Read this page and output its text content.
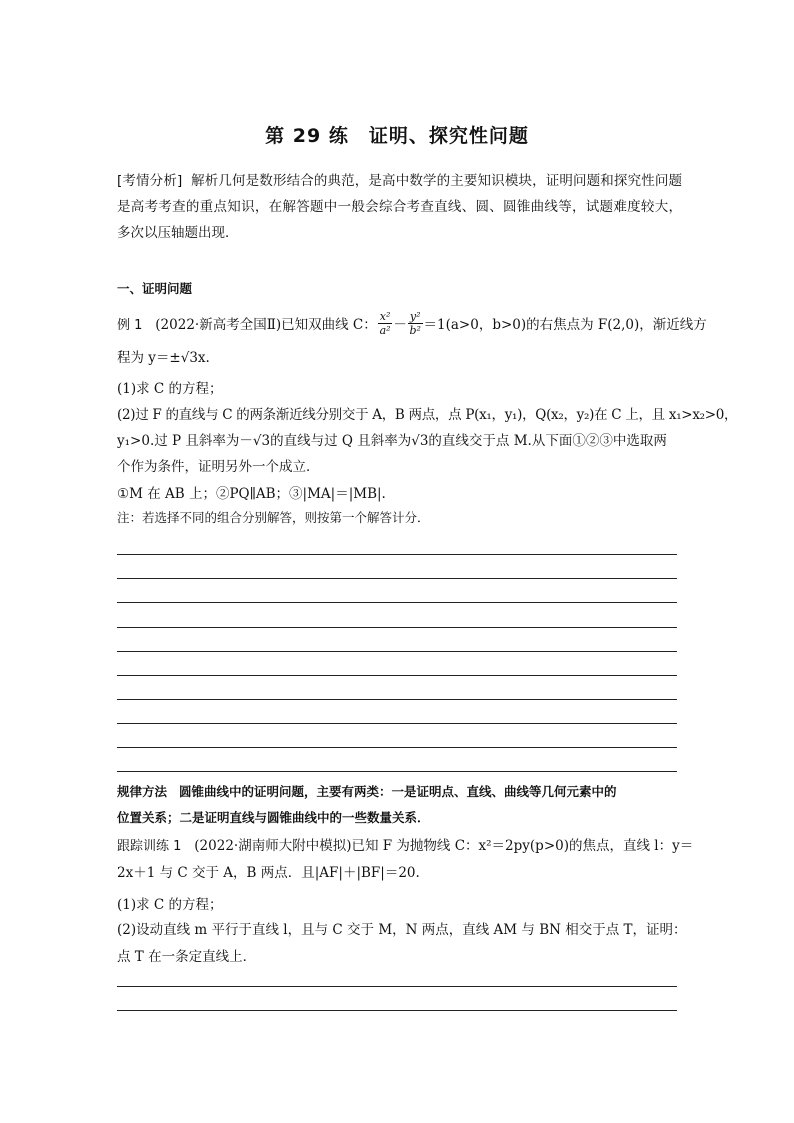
第 29 练　证明、探究性问题
[考情分析] 解析几何是数形结合的典范，是高中数学的主要知识模块，证明问题和探究性问题是高考考查的重点知识，在解答题中一般会综合考查直线、圆、圆锥曲线等，试题难度较大，多次以压轴题出现．
一、证明问题
例 1 (2022·新高考全国Ⅱ)已知双曲线 C： $\frac{\text{x²}}{\text{a²}} - \frac{\text{y²}}{\text{b²}} =1(a>0$，b>0)的右焦点为 F(2,0)，渐近线方
程为 y＝±√3x.
(1)求 C 的方程；
(2)过 F 的直线与 C 的两条渐近线分别交于 A，B 两点，点 P(x₁，y₁)，Q(x₂，y₂)在 C 上，且 x₁>x₂>0，
y₁>0.过 P 且斜率为－√3的直线与过 Q 且斜率为√3的直线交于点 M.从下面①②③中选取两
个作为条件，证明另外一个成立．
①M 在 AB 上；②PQ∥AB；③|MA|＝|MB|.
注：若选择不同的组合分别解答，则按第一个解答计分．
规律方法 圆锥曲线中的证明问题，主要有两类：一是证明点、直线、曲线等几何元素中的
位置关系；二是证明直线与圆锥曲线中的一些数量关系．
跟踪训练 1 (2022·湖南师大附中模拟)已知 F 为抛物线 C：x²＝2py(p>0)的焦点，直线 l：y＝
2x＋1 与 C 交于 A，B 两点．且|AF|＋|BF|＝20.
(1)求 C 的方程；
(2)设动直线 m 平行于直线 l，且与 C 交于 M，N 两点，直线 AM 与 BN 相交于点 T，证明：
点 T 在一条定直线上．
